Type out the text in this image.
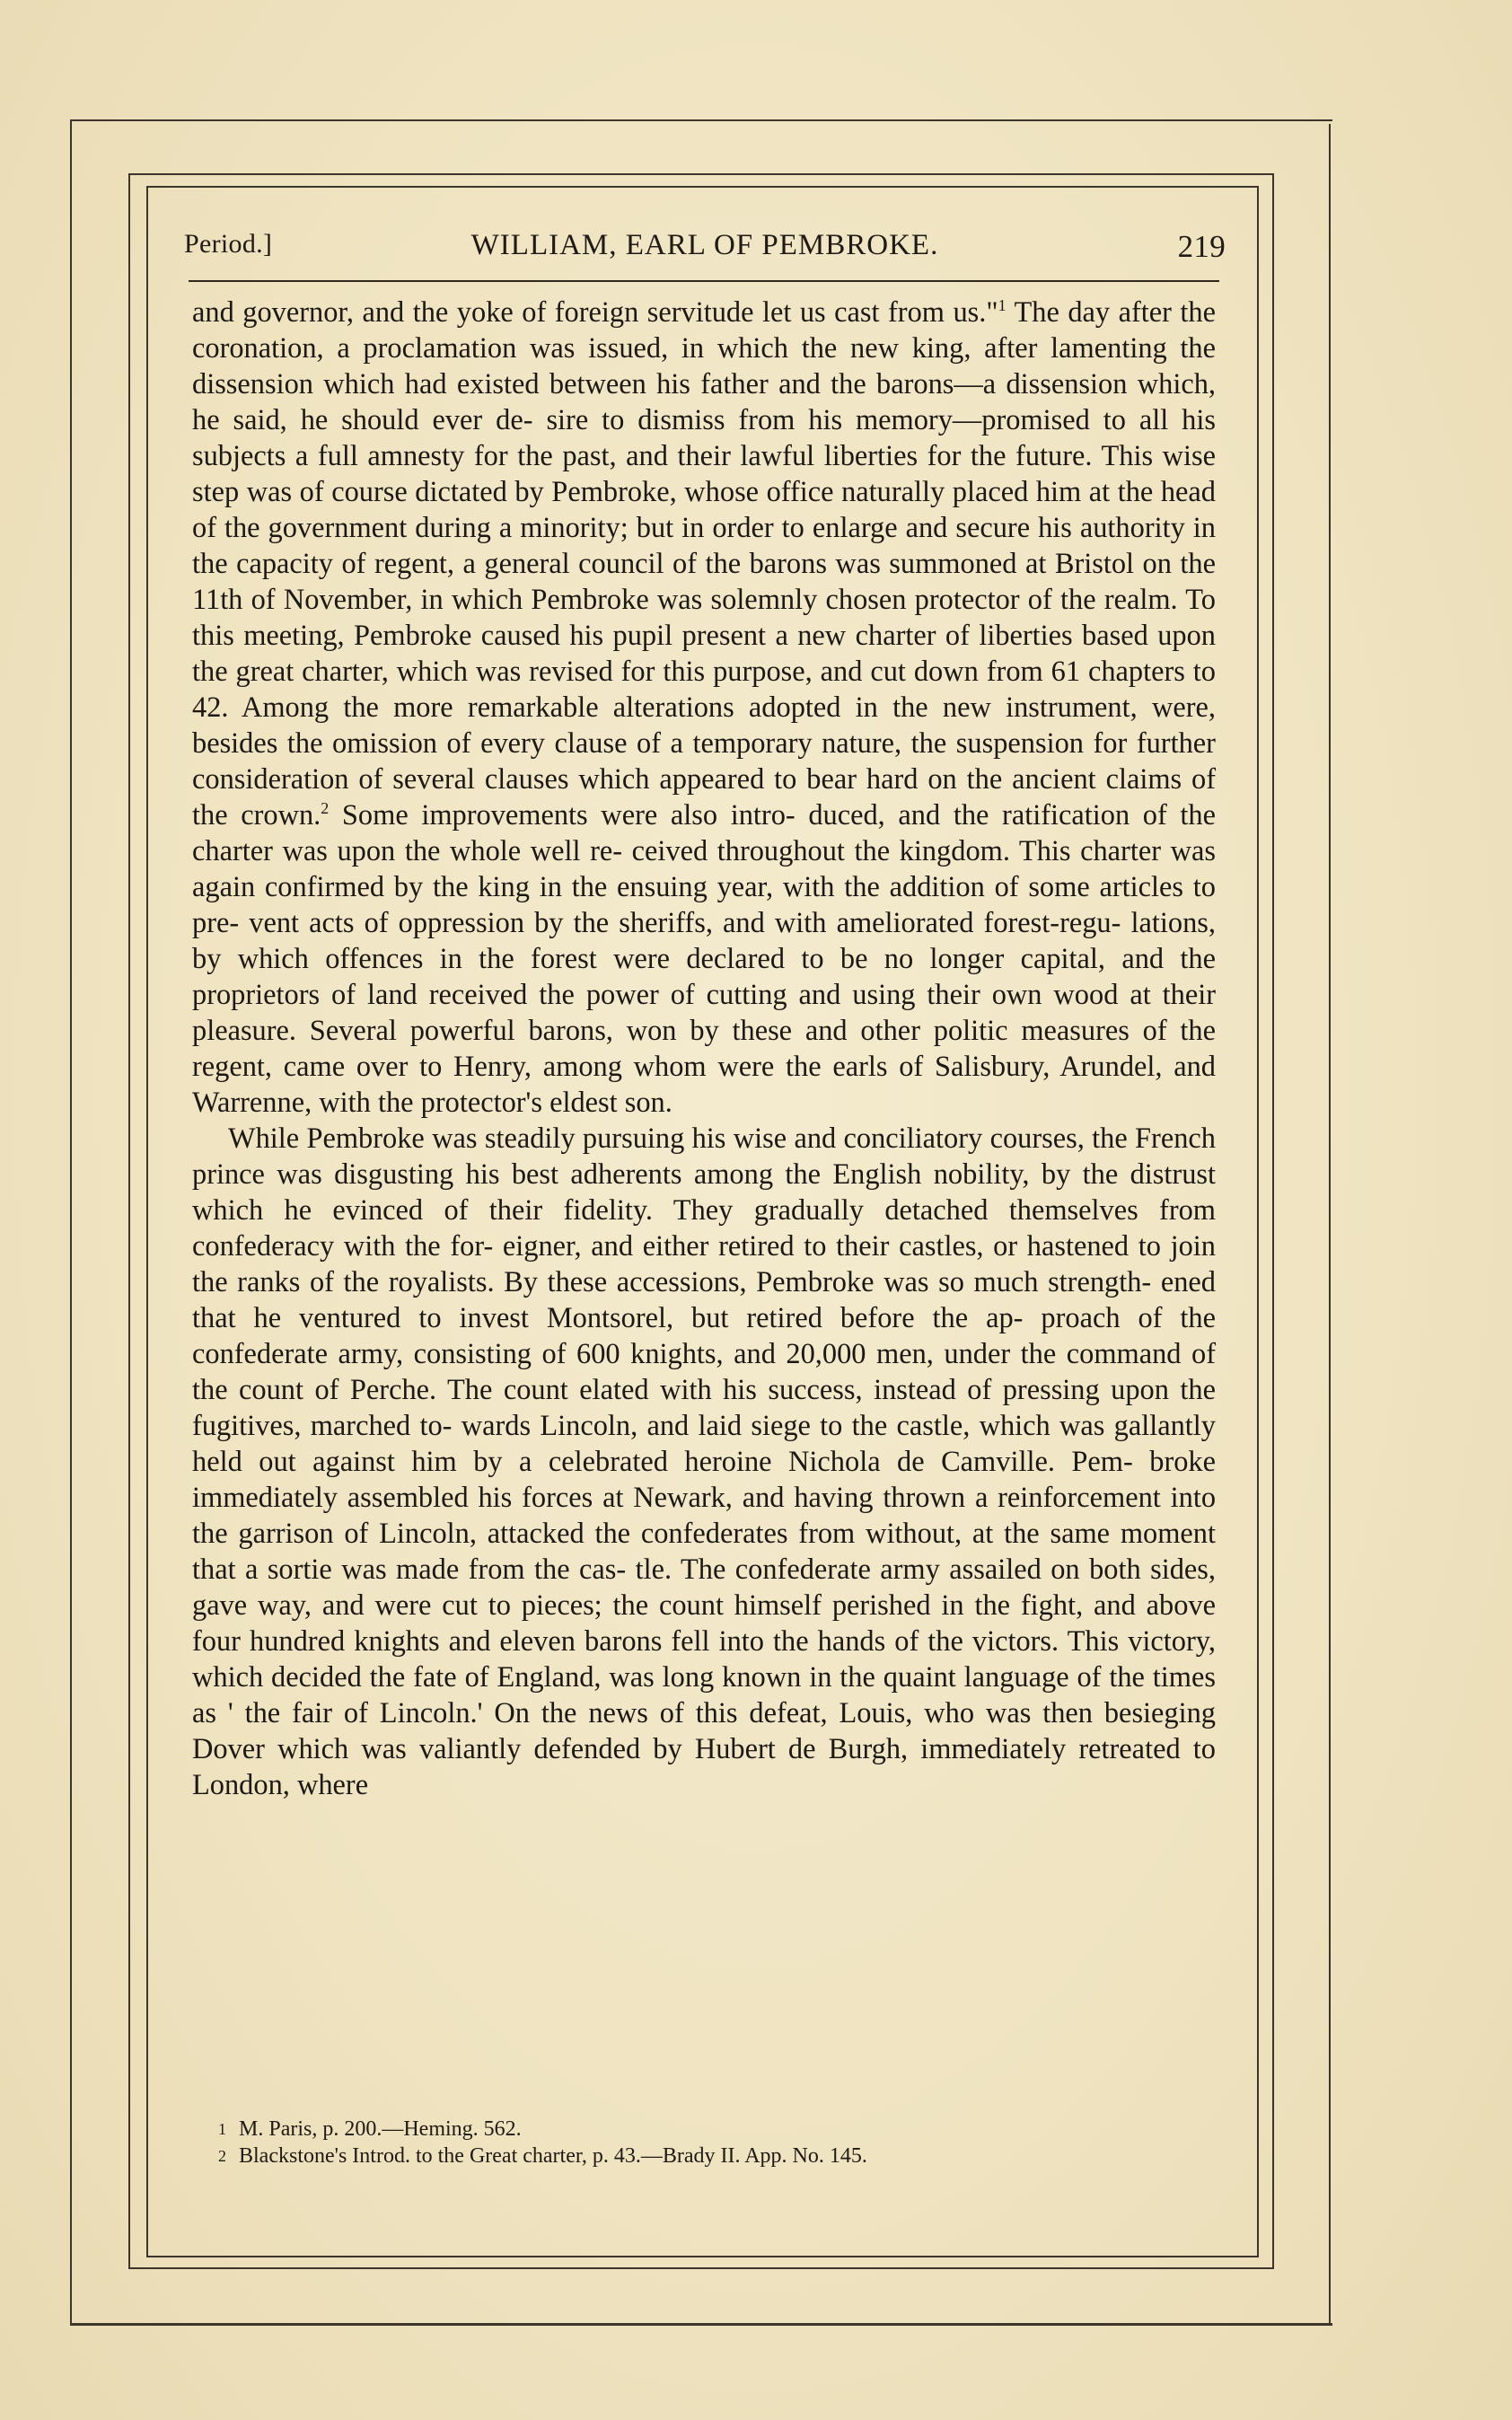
Period.]	WILLIAM, EARL OF PEMBROKE.	219

and governor, and the yoke of foreign servitude let us cast from us."$^1$ The day after the coronation, a proclamation was issued, in which the new king, after lamenting the dissension which had existed between his father and the barons—a dissension which, he said, he should ever de- sire to dismiss from his memory—promised to all his subjects a full amnesty for the past, and their lawful liberties for the future. This wise step was of course dictated by Pembroke, whose office naturally placed him at the head of the government during a minority; but in order to enlarge and secure his authority in the capacity of regent, a general council of the barons was summoned at Bristol on the 11th of November, in which Pembroke was solemnly chosen protector of the realm. To this meeting, Pembroke caused his pupil present a new charter of liberties based upon the great charter, which was revised for this purpose, and cut down from 61 chapters to 42. Among the more remarkable alterations adopted in the new instrument, were, besides the omission of every clause of a temporary nature, the suspension for further consideration of several clauses which appeared to bear hard on the ancient claims of the crown.$^2$ Some improvements were also intro- duced, and the ratification of the charter was upon the whole well re- ceived throughout the kingdom. This charter was again confirmed by the king in the ensuing year, with the addition of some articles to pre- vent acts of oppression by the sheriffs, and with ameliorated forest-regu- lations, by which offences in the forest were declared to be no longer capital, and the proprietors of land received the power of cutting and using their own wood at their pleasure. Several powerful barons, won by these and other politic measures of the regent, came over to Henry, among whom were the earls of Salisbury, Arundel, and Warrenne, with the protector's eldest son.

While Pembroke was steadily pursuing his wise and conciliatory courses, the French prince was disgusting his best adherents among the English nobility, by the distrust which he evinced of their fidelity. They gradually detached themselves from confederacy with the for- eigner, and either retired to their castles, or hastened to join the ranks of the royalists. By these accessions, Pembroke was so much strength- ened that he ventured to invest Montsorel, but retired before the ap- proach of the confederate army, consisting of 600 knights, and 20,000 men, under the command of the count of Perche. The count elated with his success, instead of pressing upon the fugitives, marched to- wards Lincoln, and laid siege to the castle, which was gallantly held out against him by a celebrated heroine Nichola de Camville. Pem- broke immediately assembled his forces at Newark, and having thrown a reinforcement into the garrison of Lincoln, attacked the confederates from without, at the same moment that a sortie was made from the cas- tle. The confederate army assailed on both sides, gave way, and were cut to pieces; the count himself perished in the fight, and above four hundred knights and eleven barons fell into the hands of the victors. This victory, which decided the fate of England, was long known in the quaint language of the times as ' the fair of Lincoln.' On the news of this defeat, Louis, who was then besieging Dover which was valiantly defended by Hubert de Burgh, immediately retreated to London, where

$^1$ M. Paris, p. 200.—Heming. 562.

$^2$ Blackstone's Introd. to the Great charter, p. 43.—Brady II. App. No. 145.
